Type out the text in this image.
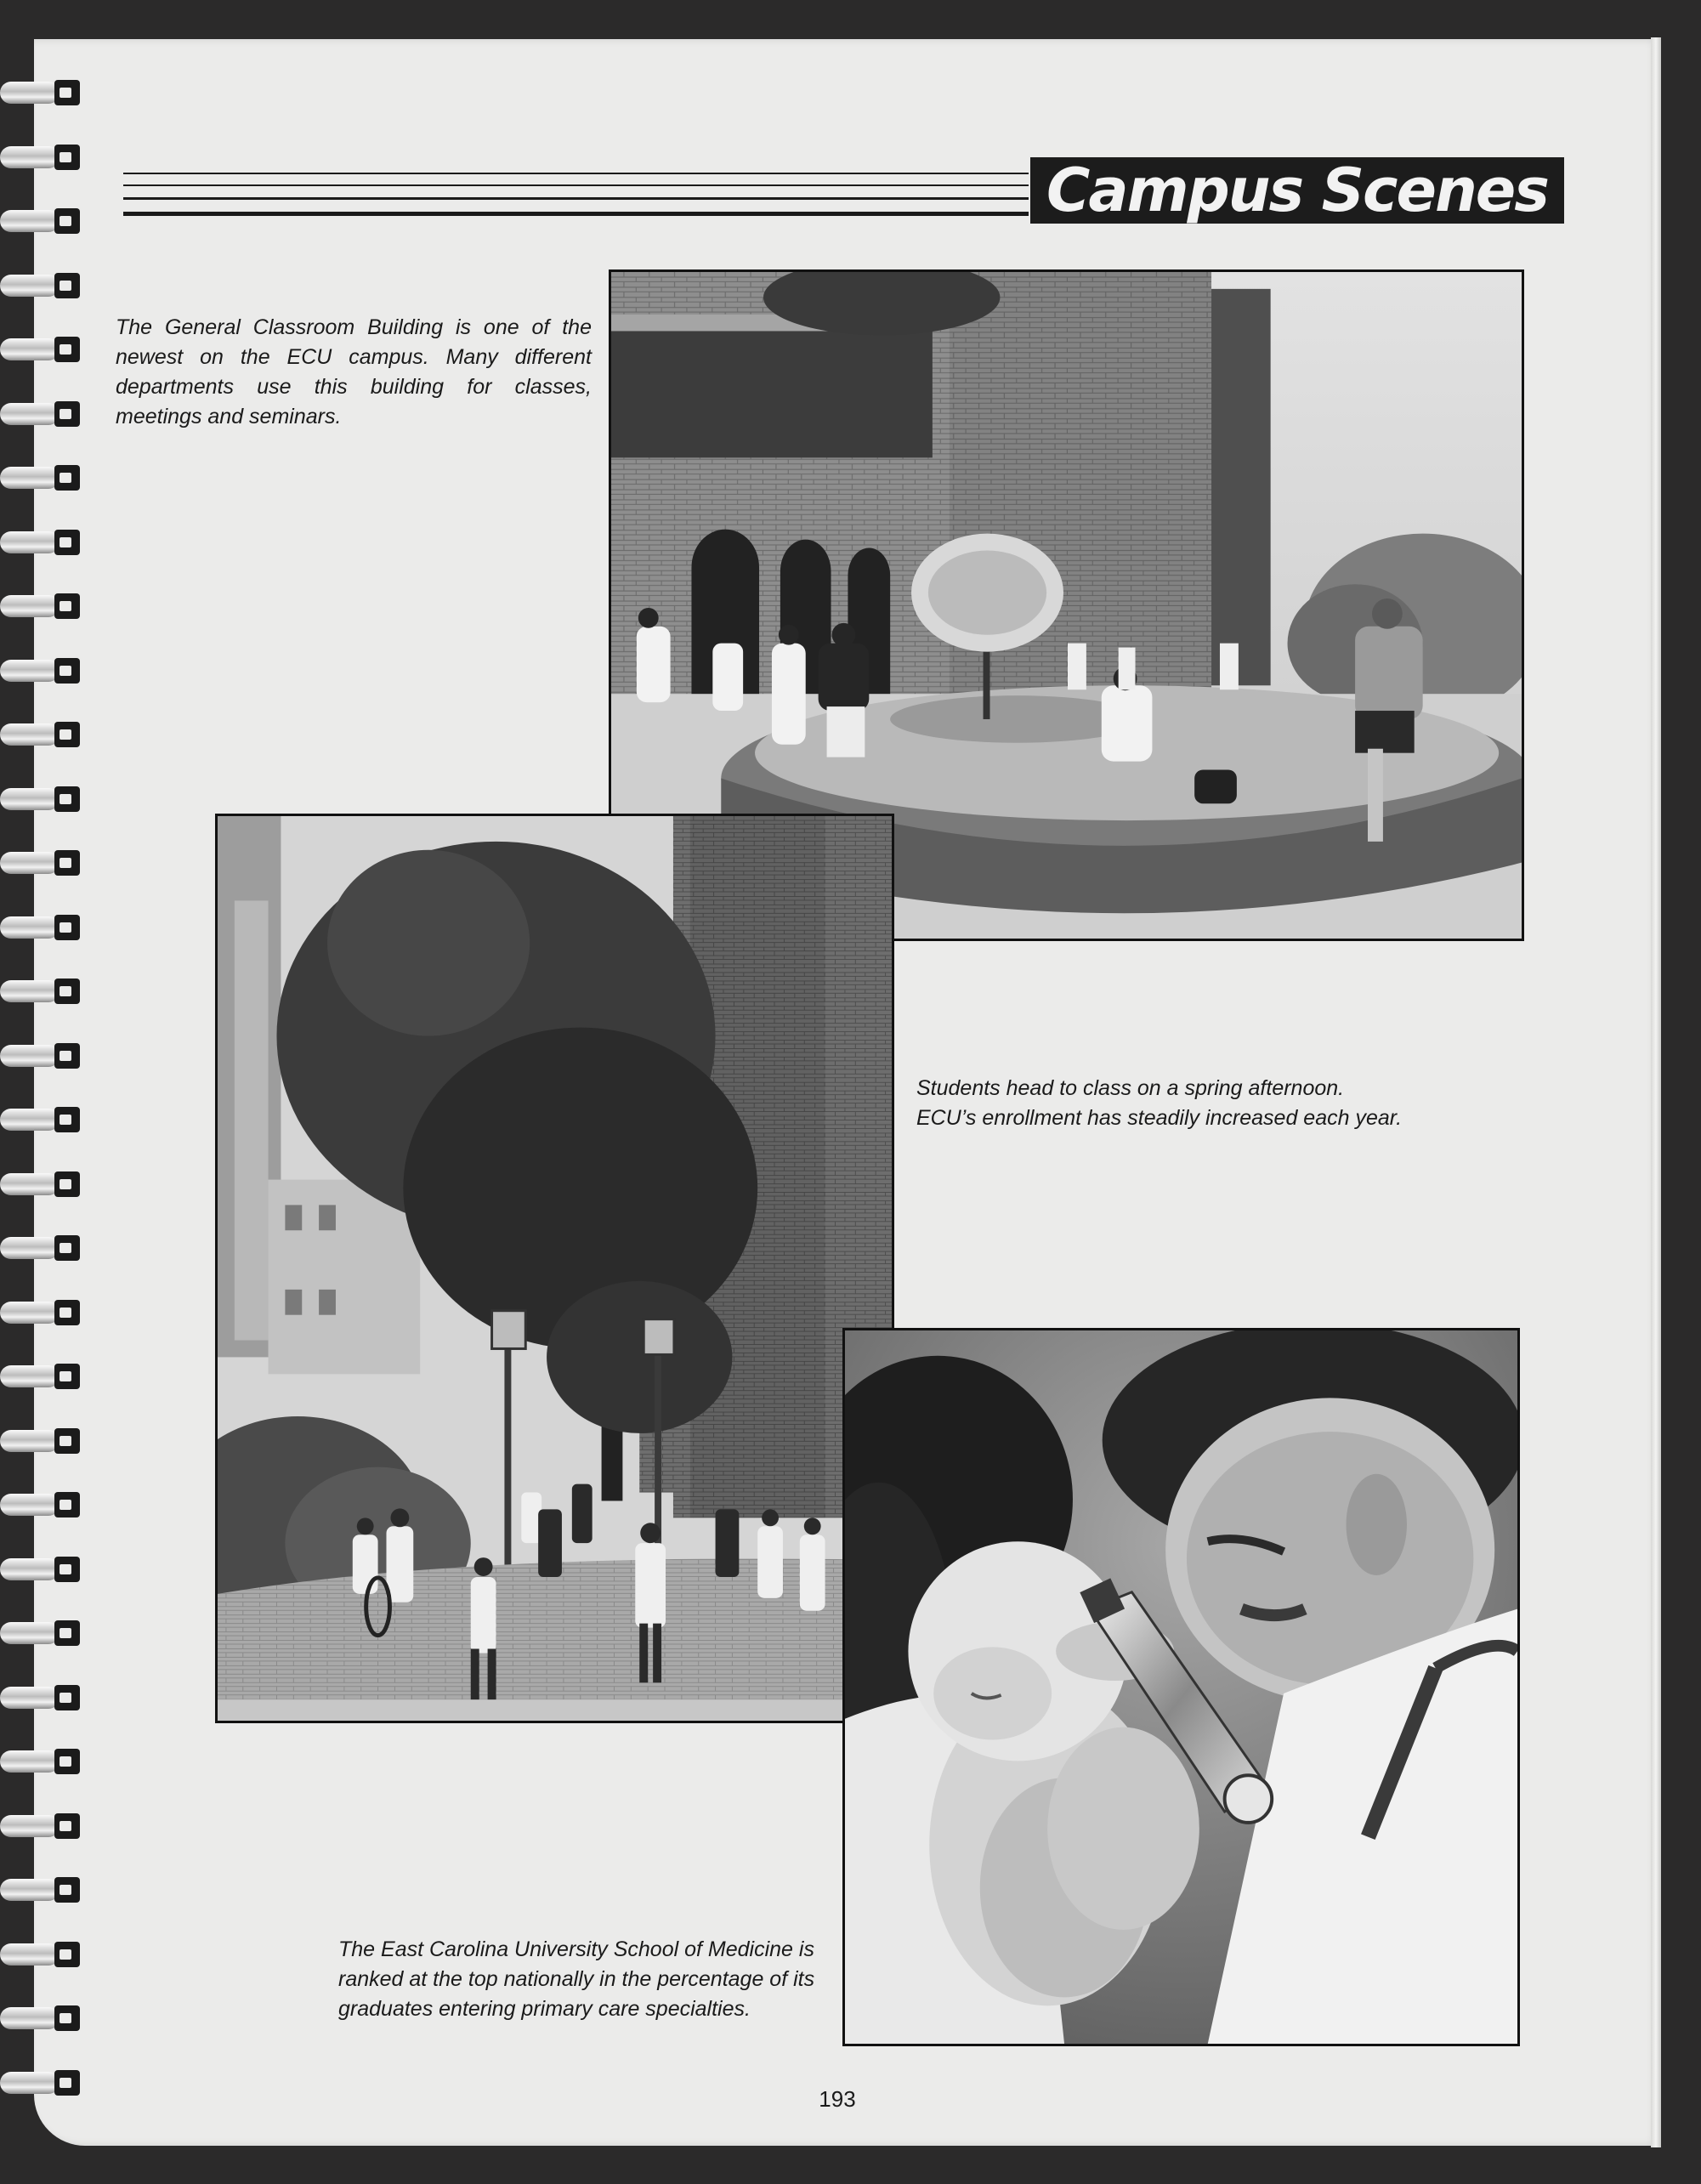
Campus Scenes
The General Classroom Building is one of the newest on the ECU campus. Many different departments use this building for classes, meetings and seminars.
Students head to class on a spring afternoon. ECU’s enrollment has steadily increased each year.
The East Carolina University School of Medicine is ranked at the top nationally in the percentage of its graduates entering primary care specialties.
193
